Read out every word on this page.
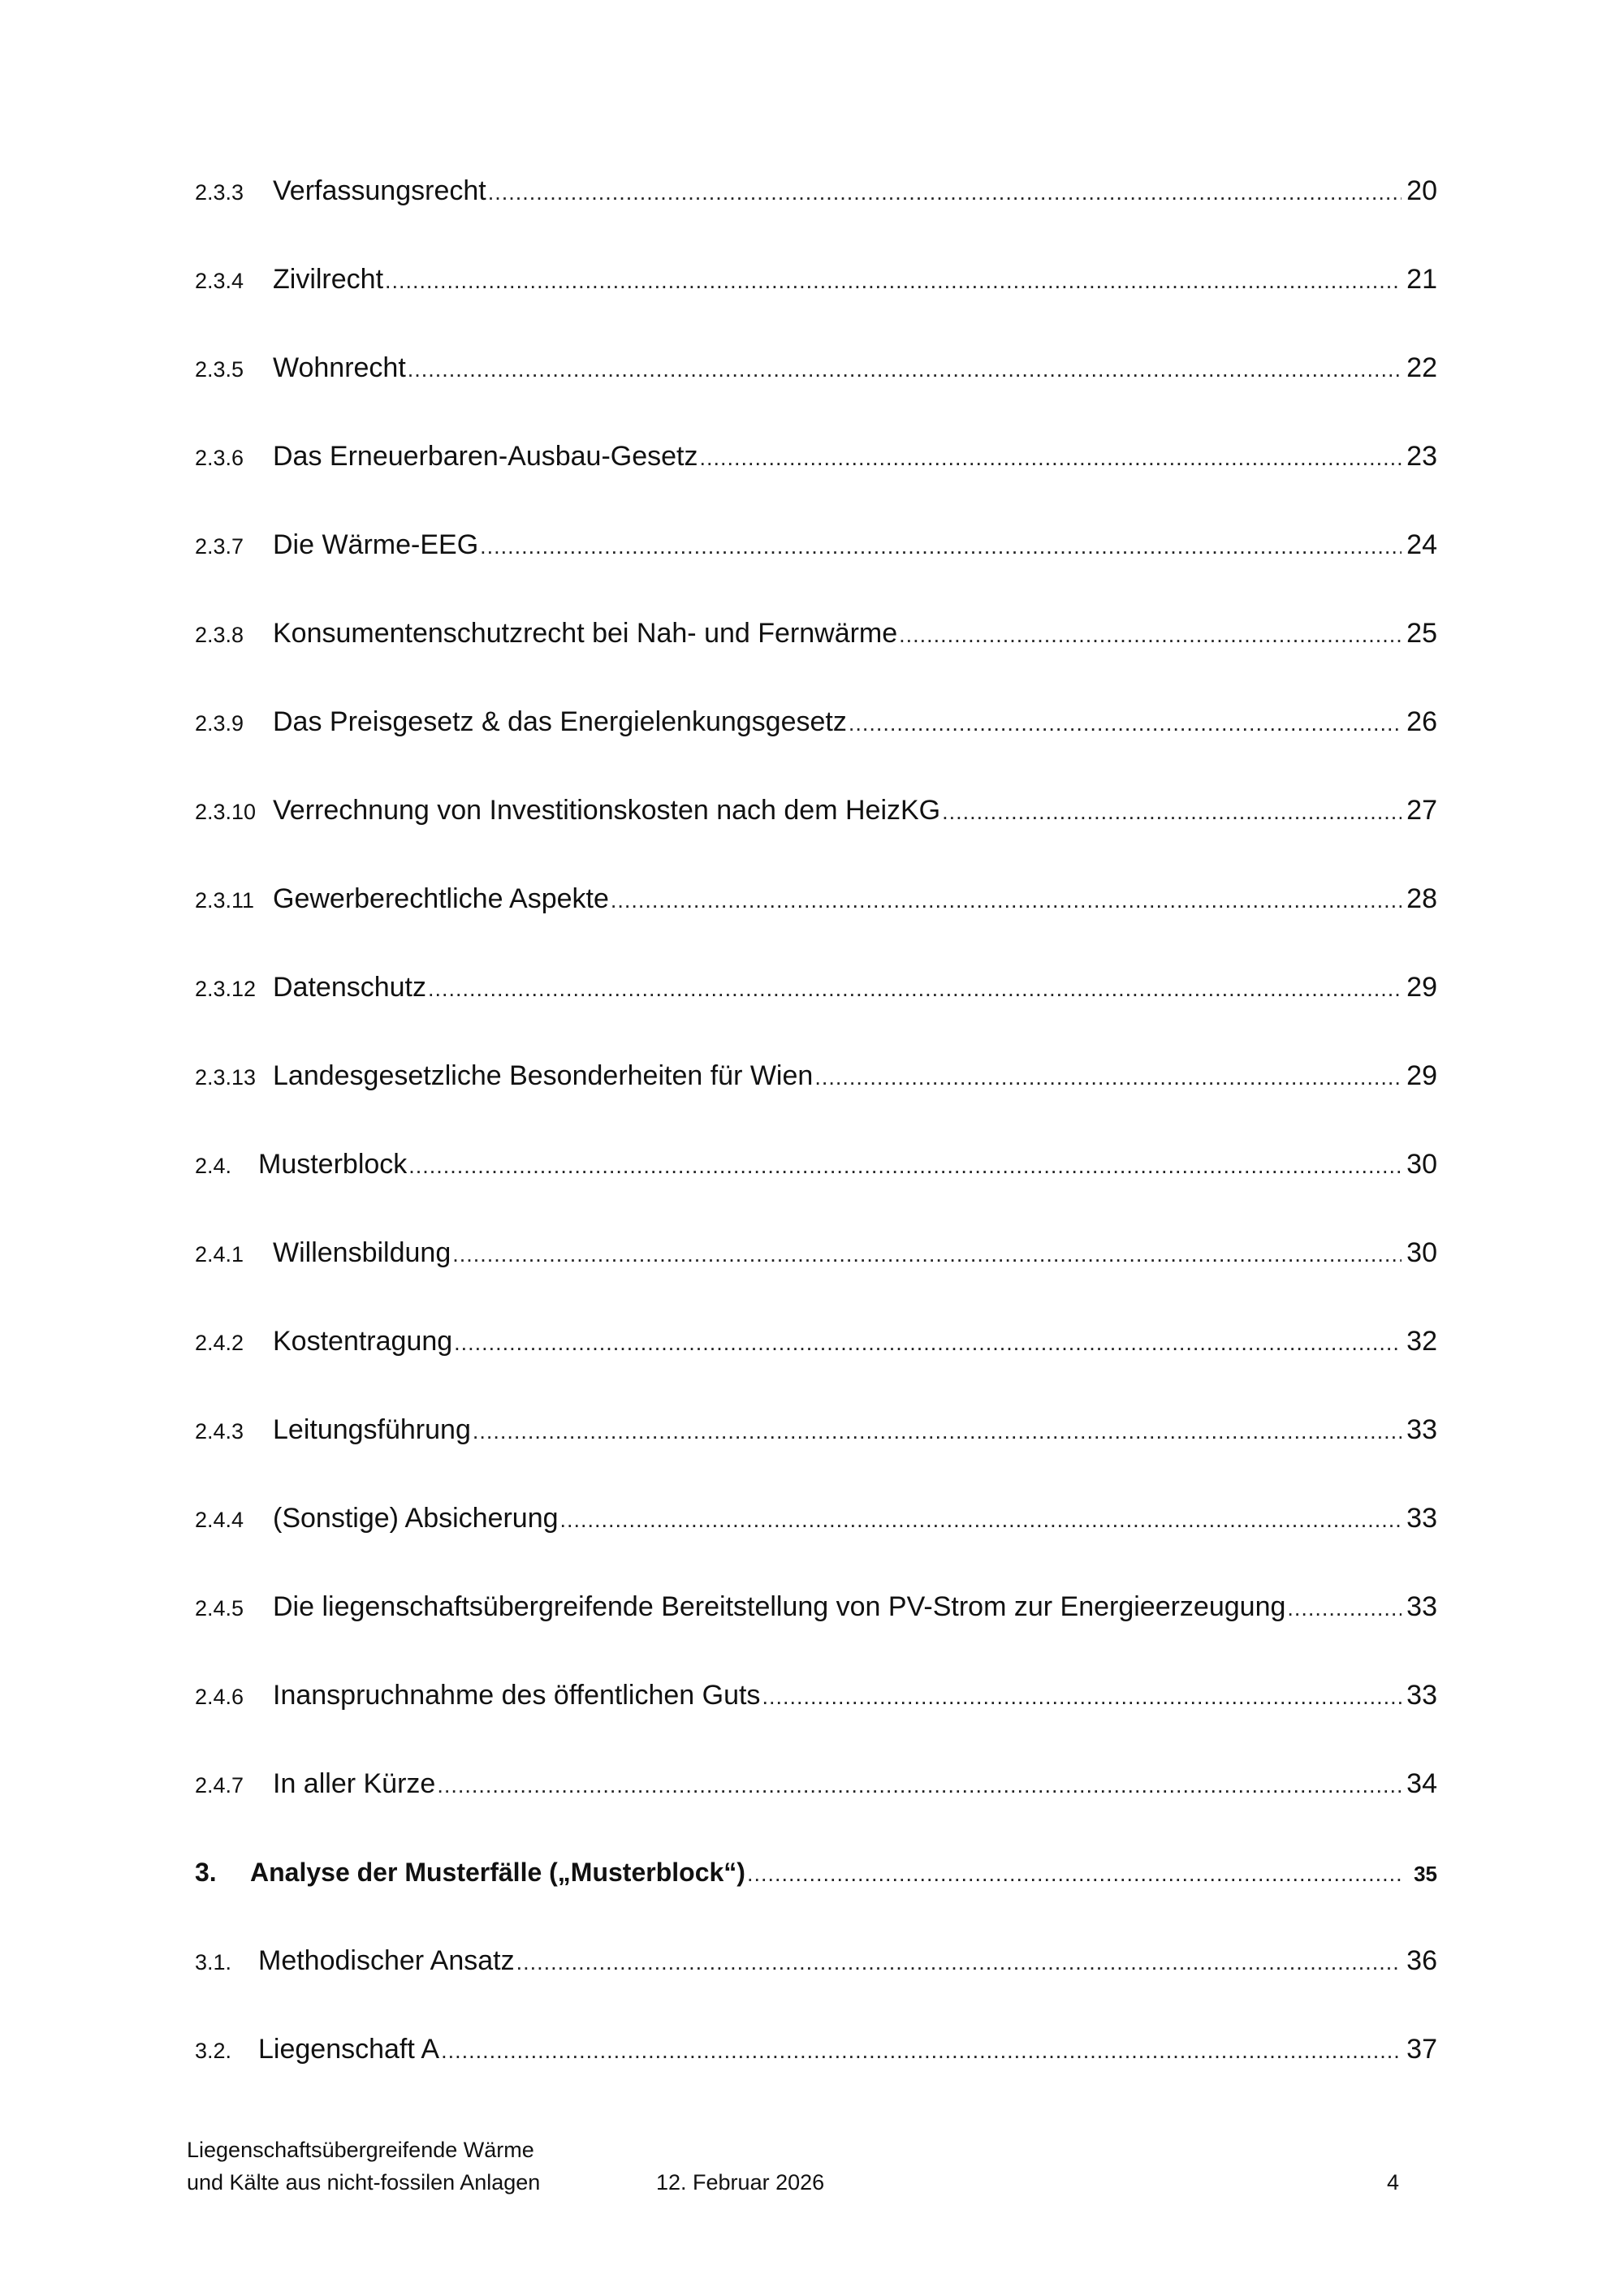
2.3.3	Verfassungsrecht .....	20
2.3.4	Zivilrecht .....	21
2.3.5	Wohnrecht .....	22
2.3.6	Das Erneuerbaren-Ausbau-Gesetz .....	23
2.3.7	Die Wärme-EEG .....	24
2.3.8	Konsumentenschutzrecht bei Nah- und Fernwärme .....	25
2.3.9	Das Preisgesetz & das Energielenkungsgesetz .....	26
2.3.10 Verrechnung von Investitionskosten nach dem HeizKG .....	27
2.3.11 Gewerberechtliche Aspekte .....	28
2.3.12 Datenschutz .....	29
2.3.13 Landesgesetzliche Besonderheiten für Wien .....	29
2.4. Musterblock .....	30
2.4.1	Willensbildung .....	30
2.4.2	Kostentragung .....	32
2.4.3	Leitungsführung .....	33
2.4.4	(Sonstige) Absicherung .....	33
2.4.5	Die liegenschaftsübergreifende Bereitstellung von PV-Strom zur Energieerzeugung .....	33
2.4.6	Inanspruchnahme des öffentlichen Guts .....	33
2.4.7	In aller Kürze .....	34
3.	Analyse der Musterfälle („Musterblock“) .....	35
3.1. Methodischer Ansatz .....	36
3.2. Liegenschaft A .....	37
Liegenschaftsübergreifende Wärme
und Kälte aus nicht-fossilen Anlagen	12. Februar 2026	4
